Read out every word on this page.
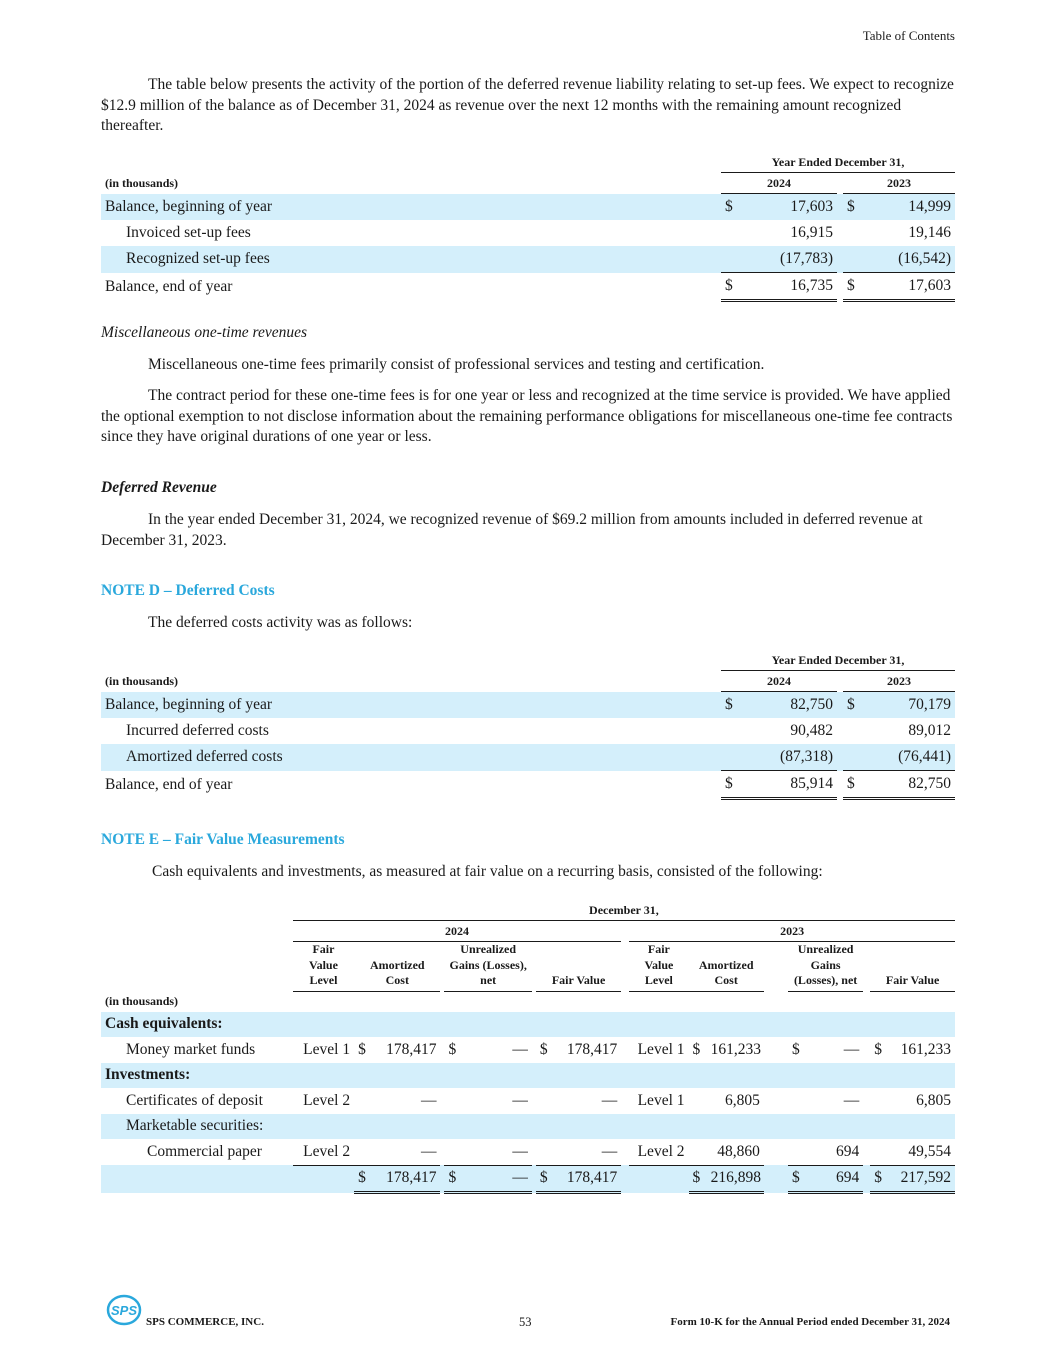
Table of Contents

The table below presents the activity of the portion of the deferred revenue liability relating to set-up fees. We expect to recognize $12.9 million of the balance as of December 31, 2024 as revenue over the next 12 months with the remaining amount recognized thereafter.

	Year Ended December 31,				
(in thousands)	2024			2023	
Balance, beginning of year	$	17,603		$	14,999
Invoiced set-up fees		16,915			19,146
Recognized set-up fees		(17,783)			(16,542)
Balance, end of year	$	16,735		$	17,603
Miscellaneous one-time revenues

Miscellaneous one-time fees primarily consist of professional services and testing and certification.

The contract period for these one-time fees is for one year or less and recognized at the time service is provided. We have applied the optional exemption to not disclose information about the remaining performance obligations for miscellaneous one-time fee contracts since they have original durations of one year or less.

Deferred Revenue

In the year ended December 31, 2024, we recognized revenue of $69.2 million from amounts included in deferred revenue at December 31, 2023.

NOTE D – Deferred Costs

The deferred costs activity was as follows:

	Year Ended December 31,				
(in thousands)	2024			2023	
Balance, beginning of year	$	82,750		$	70,179
Incurred deferred costs		90,482			89,012
Amortized deferred costs		(87,318)			(76,441)
Balance, end of year	$	85,914		$	82,750
NOTE E – Fair Value Measurements

Cash equivalents and investments, as measured at fair value on a recurring basis, consisted of the following:

	December 31,																		
	2024										2023								
	Fair Value Level	Amortized Cost			Unrealized Gains (Losses), net			Fair Value			Fair Value Level	Amortized Cost			Unrealized Gains (Losses), net			Fair Value	
(in thousands)																			
Cash equivalents:																			
Money market funds	Level 1	$	178,417		$	—		$	178,417		Level 1	$	161,233		$	—		$	161,233
Investments:																			
Certificates of deposit	Level 2		—			—			—		Level 1		6,805			—			6,805
Marketable securities:																			
Commercial paper	Level 2		—			—			—		Level 2		48,860			694			49,554
		$	178,417		$	—		$	178,417			$	216,898		$	694		$	217,592
SPS
SPS COMMERCE, INC.	53	Form 10-K for the Annual Period ended December 31, 2024
